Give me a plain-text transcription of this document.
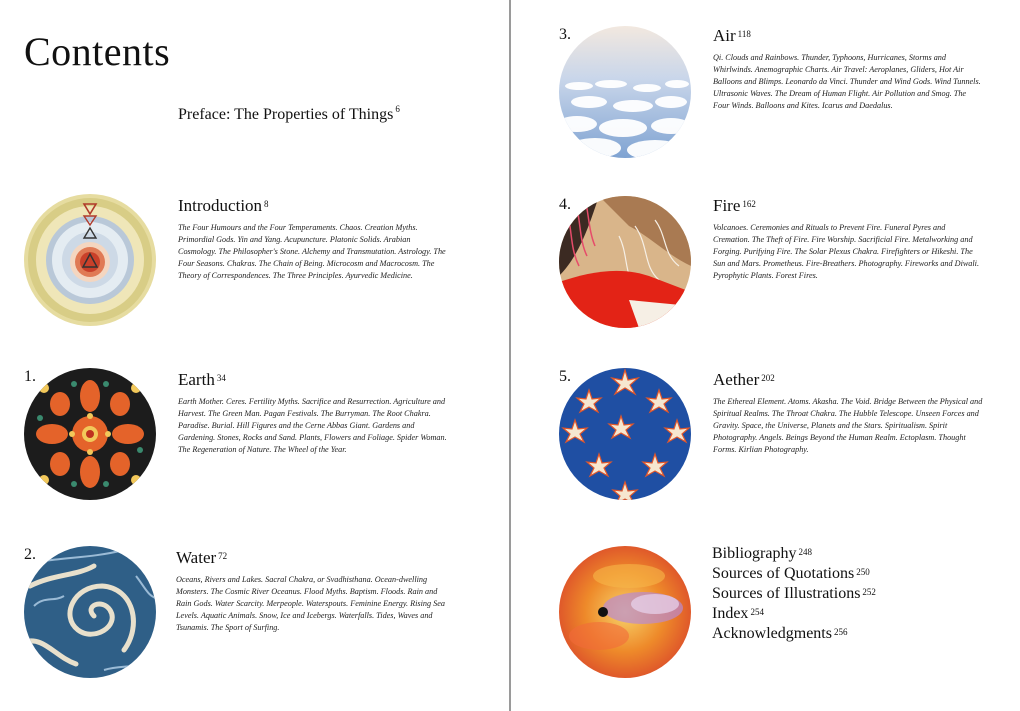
Contents
Preface: The Properties of Things $^6$
Introduction $^8$
The Four Humours and the Four Temperaments. Chaos. Creation Myths. Primordial Gods. Yin and Yang. Acupuncture. Platonic Solids. Arabian Cosmology. The Philosopher's Stone. Alchemy and Transmutation. Astrology. The Four Seasons. Chakras. The Chain of Being. Microcosm and Macrocosm. The Theory of Correspondences. The Three Principles. Ayurvedic Medicine.
1.	Earth $^{34}$
Earth Mother. Ceres. Fertility Myths. Sacrifice and Resurrection. Agriculture and Harvest. The Green Man. Pagan Festivals. The Burryman. The Root Chakra. Paradise. Burial. Hill Figures and the Cerne Abbas Giant. Gardens and Gardening. Stones, Rocks and Sand. Plants, Flowers and Foliage. Spider Woman. The Regeneration of Nature. The Wheel of the Year.
2.	Water $^{72}$
Oceans, Rivers and Lakes. Sacral Chakra, or Svadhisthana. Ocean-dwelling Monsters. The Cosmic River Oceanus. Flood Myths. Baptism. Floods. Rain and Rain Gods. Water Scarcity. Merpeople. Waterspouts. Feminine Energy. Rising Sea Levels. Aquatic Animals. Snow, Ice and Icebergs. Waterfalls. Tides, Waves and Tsunamis. The Sport of Surfing.
3.	Air $^{118}$
Qi. Clouds and Rainbows. Thunder, Typhoons, Hurricanes, Storms and Whirlwinds. Anemographic Charts. Air Travel: Aeroplanes, Gliders, Hot Air Balloons and Blimps. Leonardo da Vinci. Thunder and Wind Gods. Wind Tunnels. Ultrasonic Waves. The Dream of Human Flight. Air Pollution and Smog. The Four Winds. Balloons and Kites. Icarus and Daedalus.
4.	Fire $^{162}$
Volcanoes. Ceremonies and Rituals to Prevent Fire. Funeral Pyres and Cremation. The Theft of Fire. Fire Worship. Sacrificial Fire. Metalworking and Forging. Purifying Fire. The Solar Plexus Chakra. Firefighters or Hikeshi. The Sun and Mars. Prometheus. Fire-Breathers. Photography. Fireworks and Diwali. Pyrophytic Plants. Forest Fires.
5.	Aether $^{202}$
The Ethereal Element. Atoms. Akasha. The Void. Bridge Between the Physical and Spiritual Realms. The Throat Chakra. The Hubble Telescope. Unseen Forces and Gravity. Space, the Universe, Planets and the Stars. Spiritualism. Spirit Photography. Angels. Beings Beyond the Human Realm. Ectoplasm. Thought Forms. Kirlian Photography.
Bibliography $^{248}$
Sources of Quotations $^{250}$
Sources of Illustrations $^{252}$
Index $^{254}$
Acknowledgments $^{256}$
